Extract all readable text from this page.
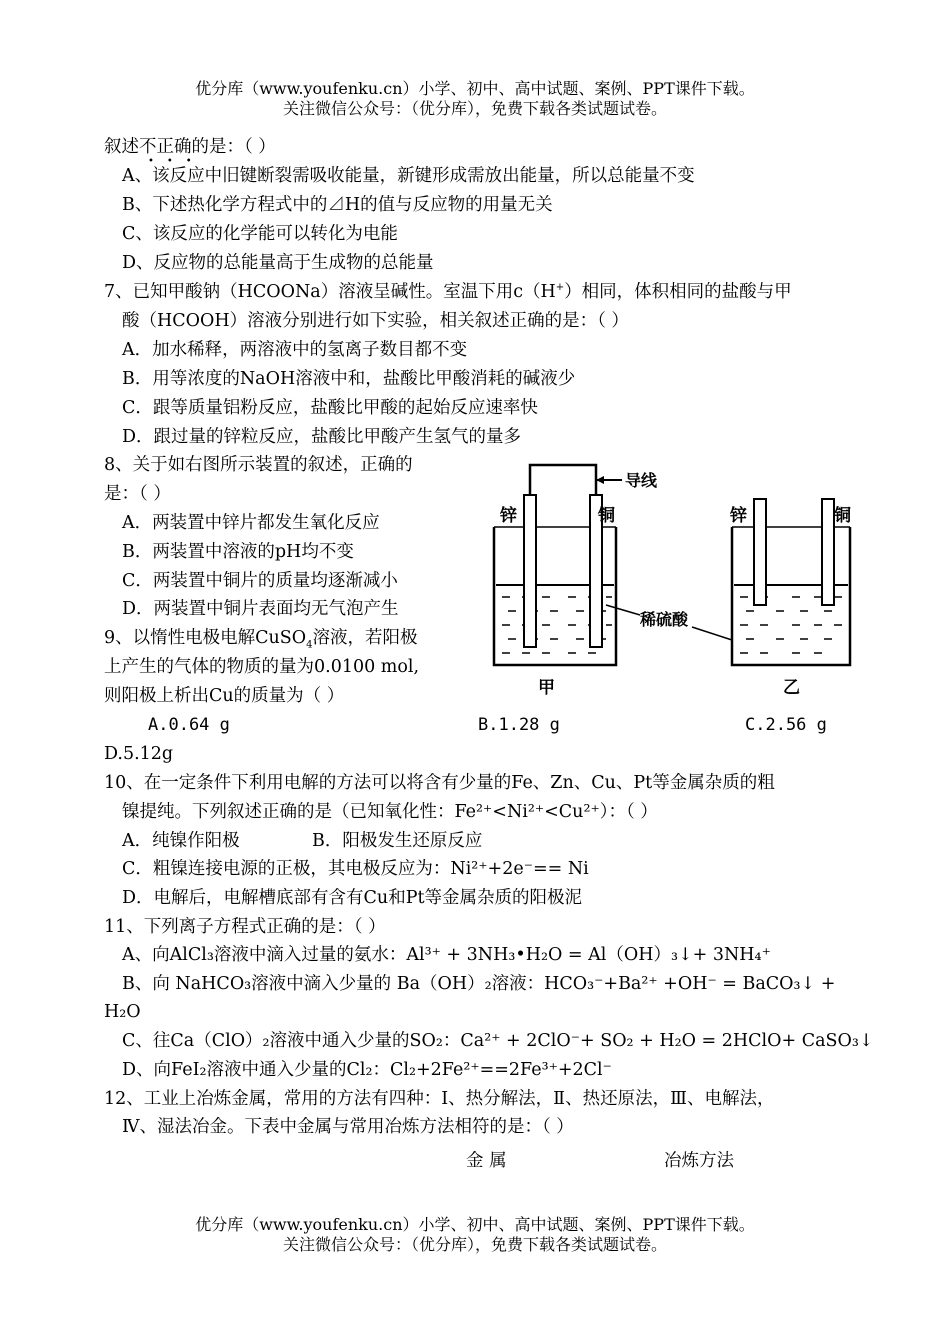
优分库（www.youfenku.cn）小学、初中、高中试题、案例、PPT课件下载。
关注微信公众号：（优分库），免费下载各类试题试卷。
叙述不正确的是：（ ）
•••
A、该反应中旧键断裂需吸收能量，新键形成需放出能量，所以总能量不变
B、下述热化学方程式中的⊿H的值与反应物的用量无关
C、该反应的化学能可以转化为电能
D、反应物的总能量高于生成物的总能量
7、已知甲酸钠（HCOONa）溶液呈碱性。室温下用c（H+）相同，体积相同的盐酸与甲
酸（HCOOH）溶液分别进行如下实验，相关叙述正确的是：（ ）
A．加水稀释，两溶液中的氢离子数目都不变
B．用等浓度的NaOH溶液中和，盐酸比甲酸消耗的碱液少
C．跟等质量铝粉反应，盐酸比甲酸的起始反应速率快
D．跟过量的锌粒反应，盐酸比甲酸产生氢气的量多
8、关于如右图所示装置的叙述，正确的
是：（ ）
A．两装置中锌片都发生氧化反应
B．两装置中溶液的pH均不变
C．两装置中铜片的质量均逐渐减小
D．两装置中铜片表面均无气泡产生
9、以惰性电极电解CuSO$_4$溶液，若阳极
上产生的气体的物质的量为0.0100 mol,
则阳极上析出Cu的质量为（ ）
A.0.64 g	B.1.28 g	C.2.56 g
D.5.12g
导线
锌	铜
甲
稀硫酸
锌	铜
乙
10、在一定条件下利用电解的方法可以将含有少量的Fe、Zn、Cu、Pt等金属杂质的粗
镍提纯。下列叙述正确的是（已知氧化性：Fe²⁺<Ni²⁺<Cu²⁺）：（ ）
A．纯镍作阳极	B．阳极发生还原反应
C．粗镍连接电源的正极，其电极反应为：Ni²⁺+2e⁻== Ni
D．电解后，电解槽底部有含有Cu和Pt等金属杂质的阳极泥
11、下列离子方程式正确的是：（ ）
A、向AlCl₃溶液中滴入过量的氨水：Al³⁺ + 3NH₃•H₂O = Al（OH）₃↓+ 3NH₄⁺
B、向 NaHCO₃溶液中滴入少量的 Ba（OH）₂溶液：HCO₃⁻+Ba²⁺ +OH⁻ = BaCO₃↓ +
H₂O
C、往Ca（ClO）₂溶液中通入少量的SO₂：Ca²⁺ + 2ClO⁻+ SO₂ + H₂O = 2HClO+ CaSO₃↓
D、向FeI₂溶液中通入少量的Cl₂：Cl₂+2Fe²⁺==2Fe³⁺+2Cl⁻
12、工业上冶炼金属，常用的方法有四种：Ⅰ、热分解法，Ⅱ、热还原法，Ⅲ、电解法，
Ⅳ、湿法冶金。下表中金属与常用冶炼方法相符的是：（ ）
金 属	冶炼方法
优分库（www.youfenku.cn）小学、初中、高中试题、案例、PPT课件下载。
关注微信公众号：（优分库），免费下载各类试题试卷。
